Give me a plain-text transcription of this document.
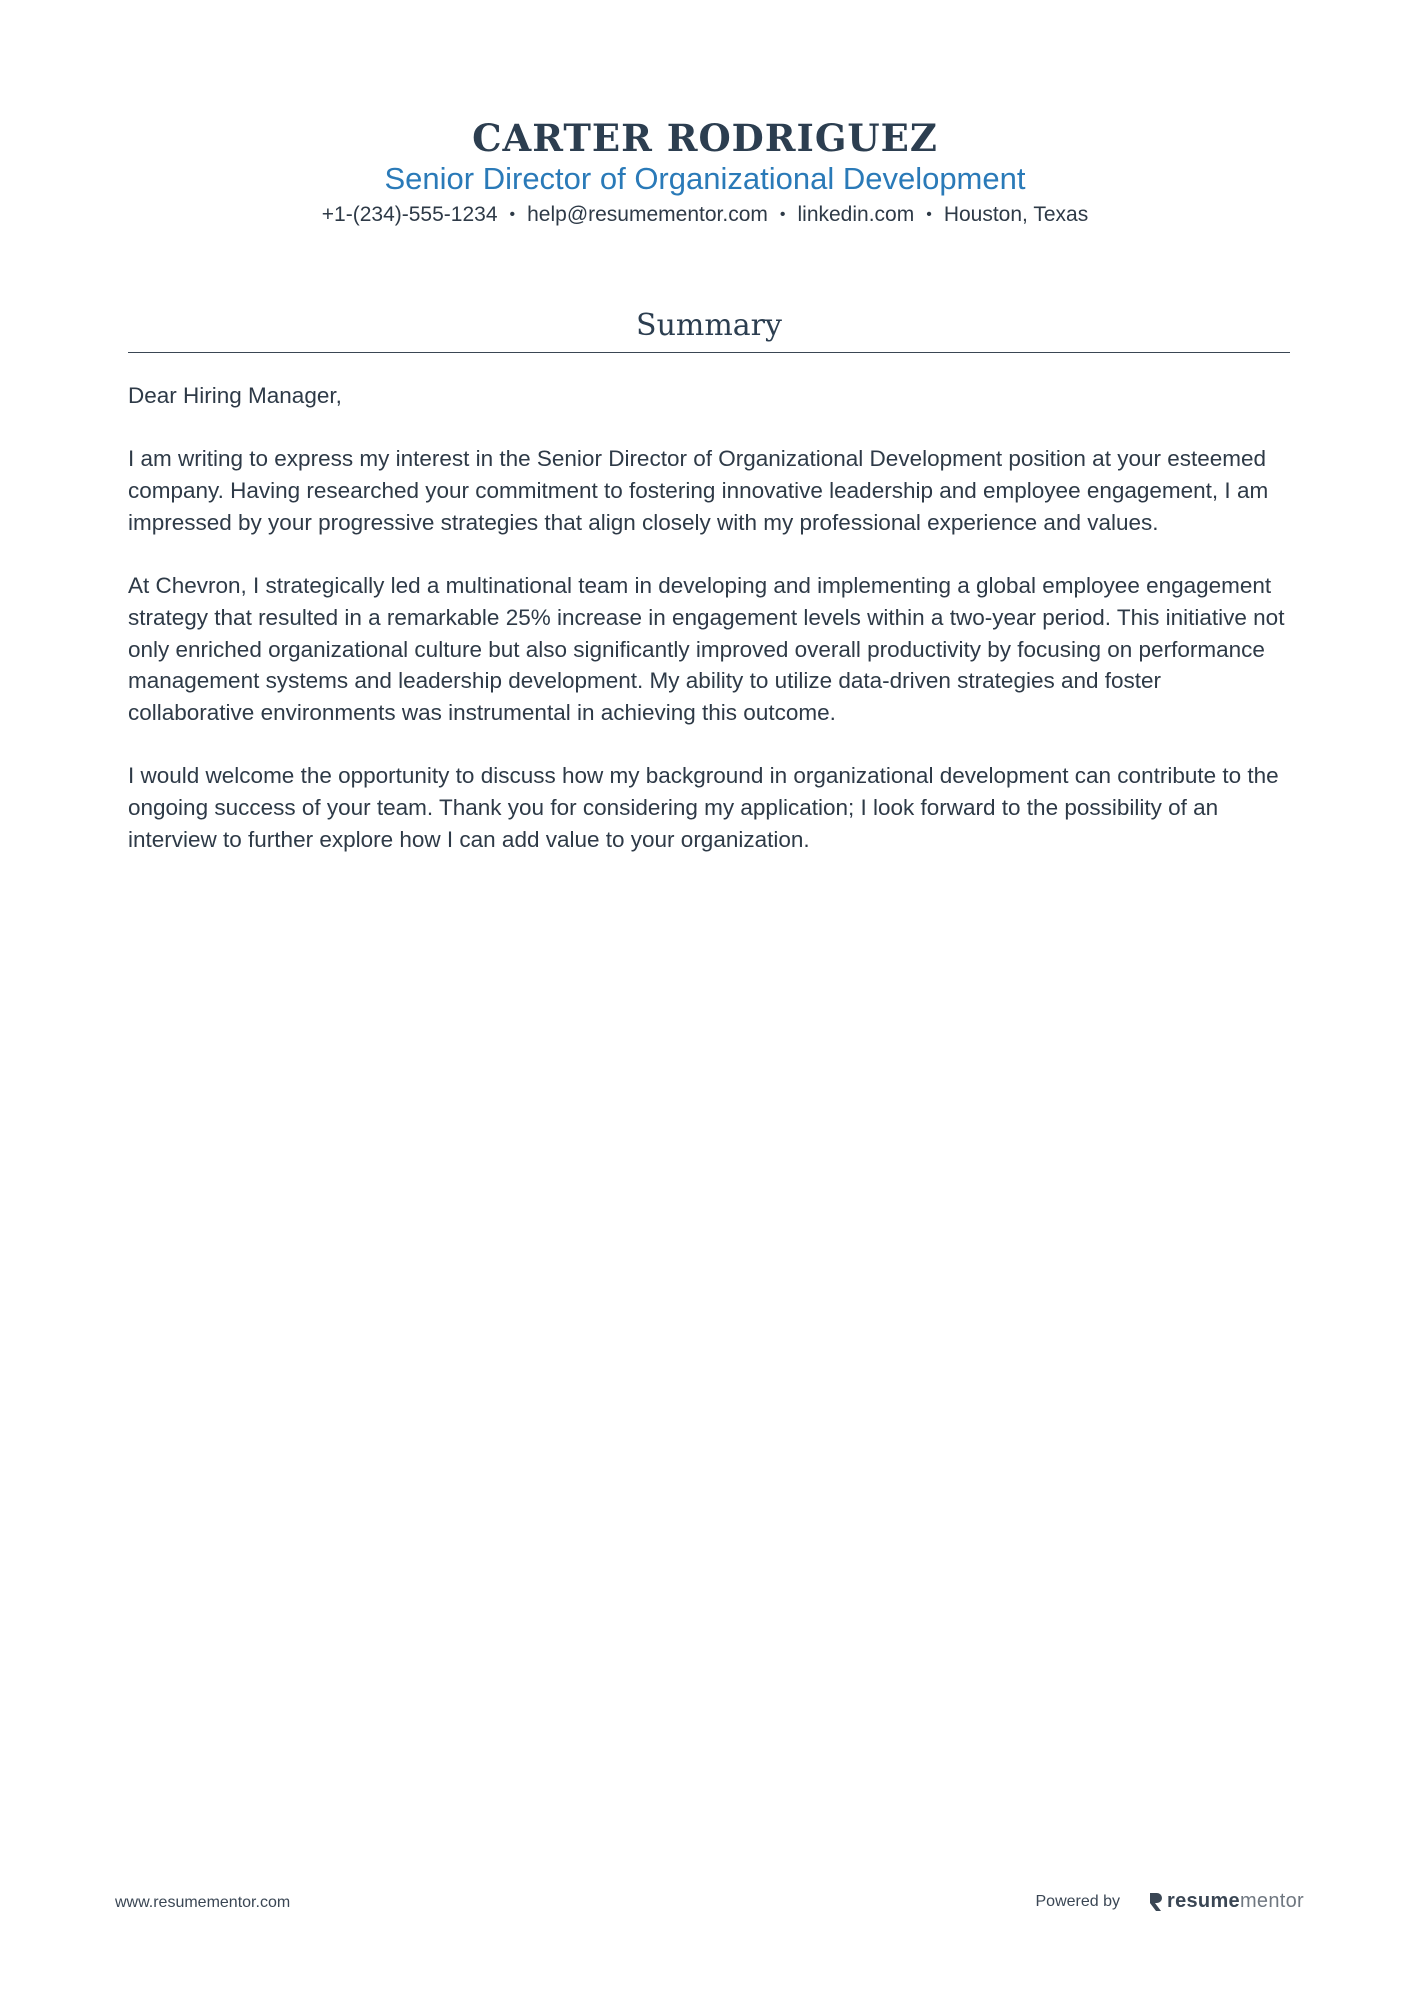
CARTER RODRIGUEZ
Senior Director of Organizational Development
+1-(234)-555-1234 • help@resumementor.com • linkedin.com • Houston, Texas
Summary

Dear Hiring Manager,

I am writing to express my interest in the Senior Director of Organizational Development position at your esteemed company. Having researched your commitment to fostering innovative leadership and employee engagement, I am impressed by your progressive strategies that align closely with my professional experience and values.

At Chevron, I strategically led a multinational team in developing and implementing a global employee engagement strategy that resulted in a remarkable 25% increase in engagement levels within a two-year period. This initiative not only enriched organizational culture but also significantly improved overall productivity by focusing on performance management systems and leadership development. My ability to utilize data-driven strategies and foster collaborative environments was instrumental in achieving this outcome.

I would welcome the opportunity to discuss how my background in organizational development can contribute to the ongoing success of your team. Thank you for considering my application; I look forward to the possibility of an interview to further explore how I can add value to your organization.

www.resumementor.com	Powered by resume mentor
